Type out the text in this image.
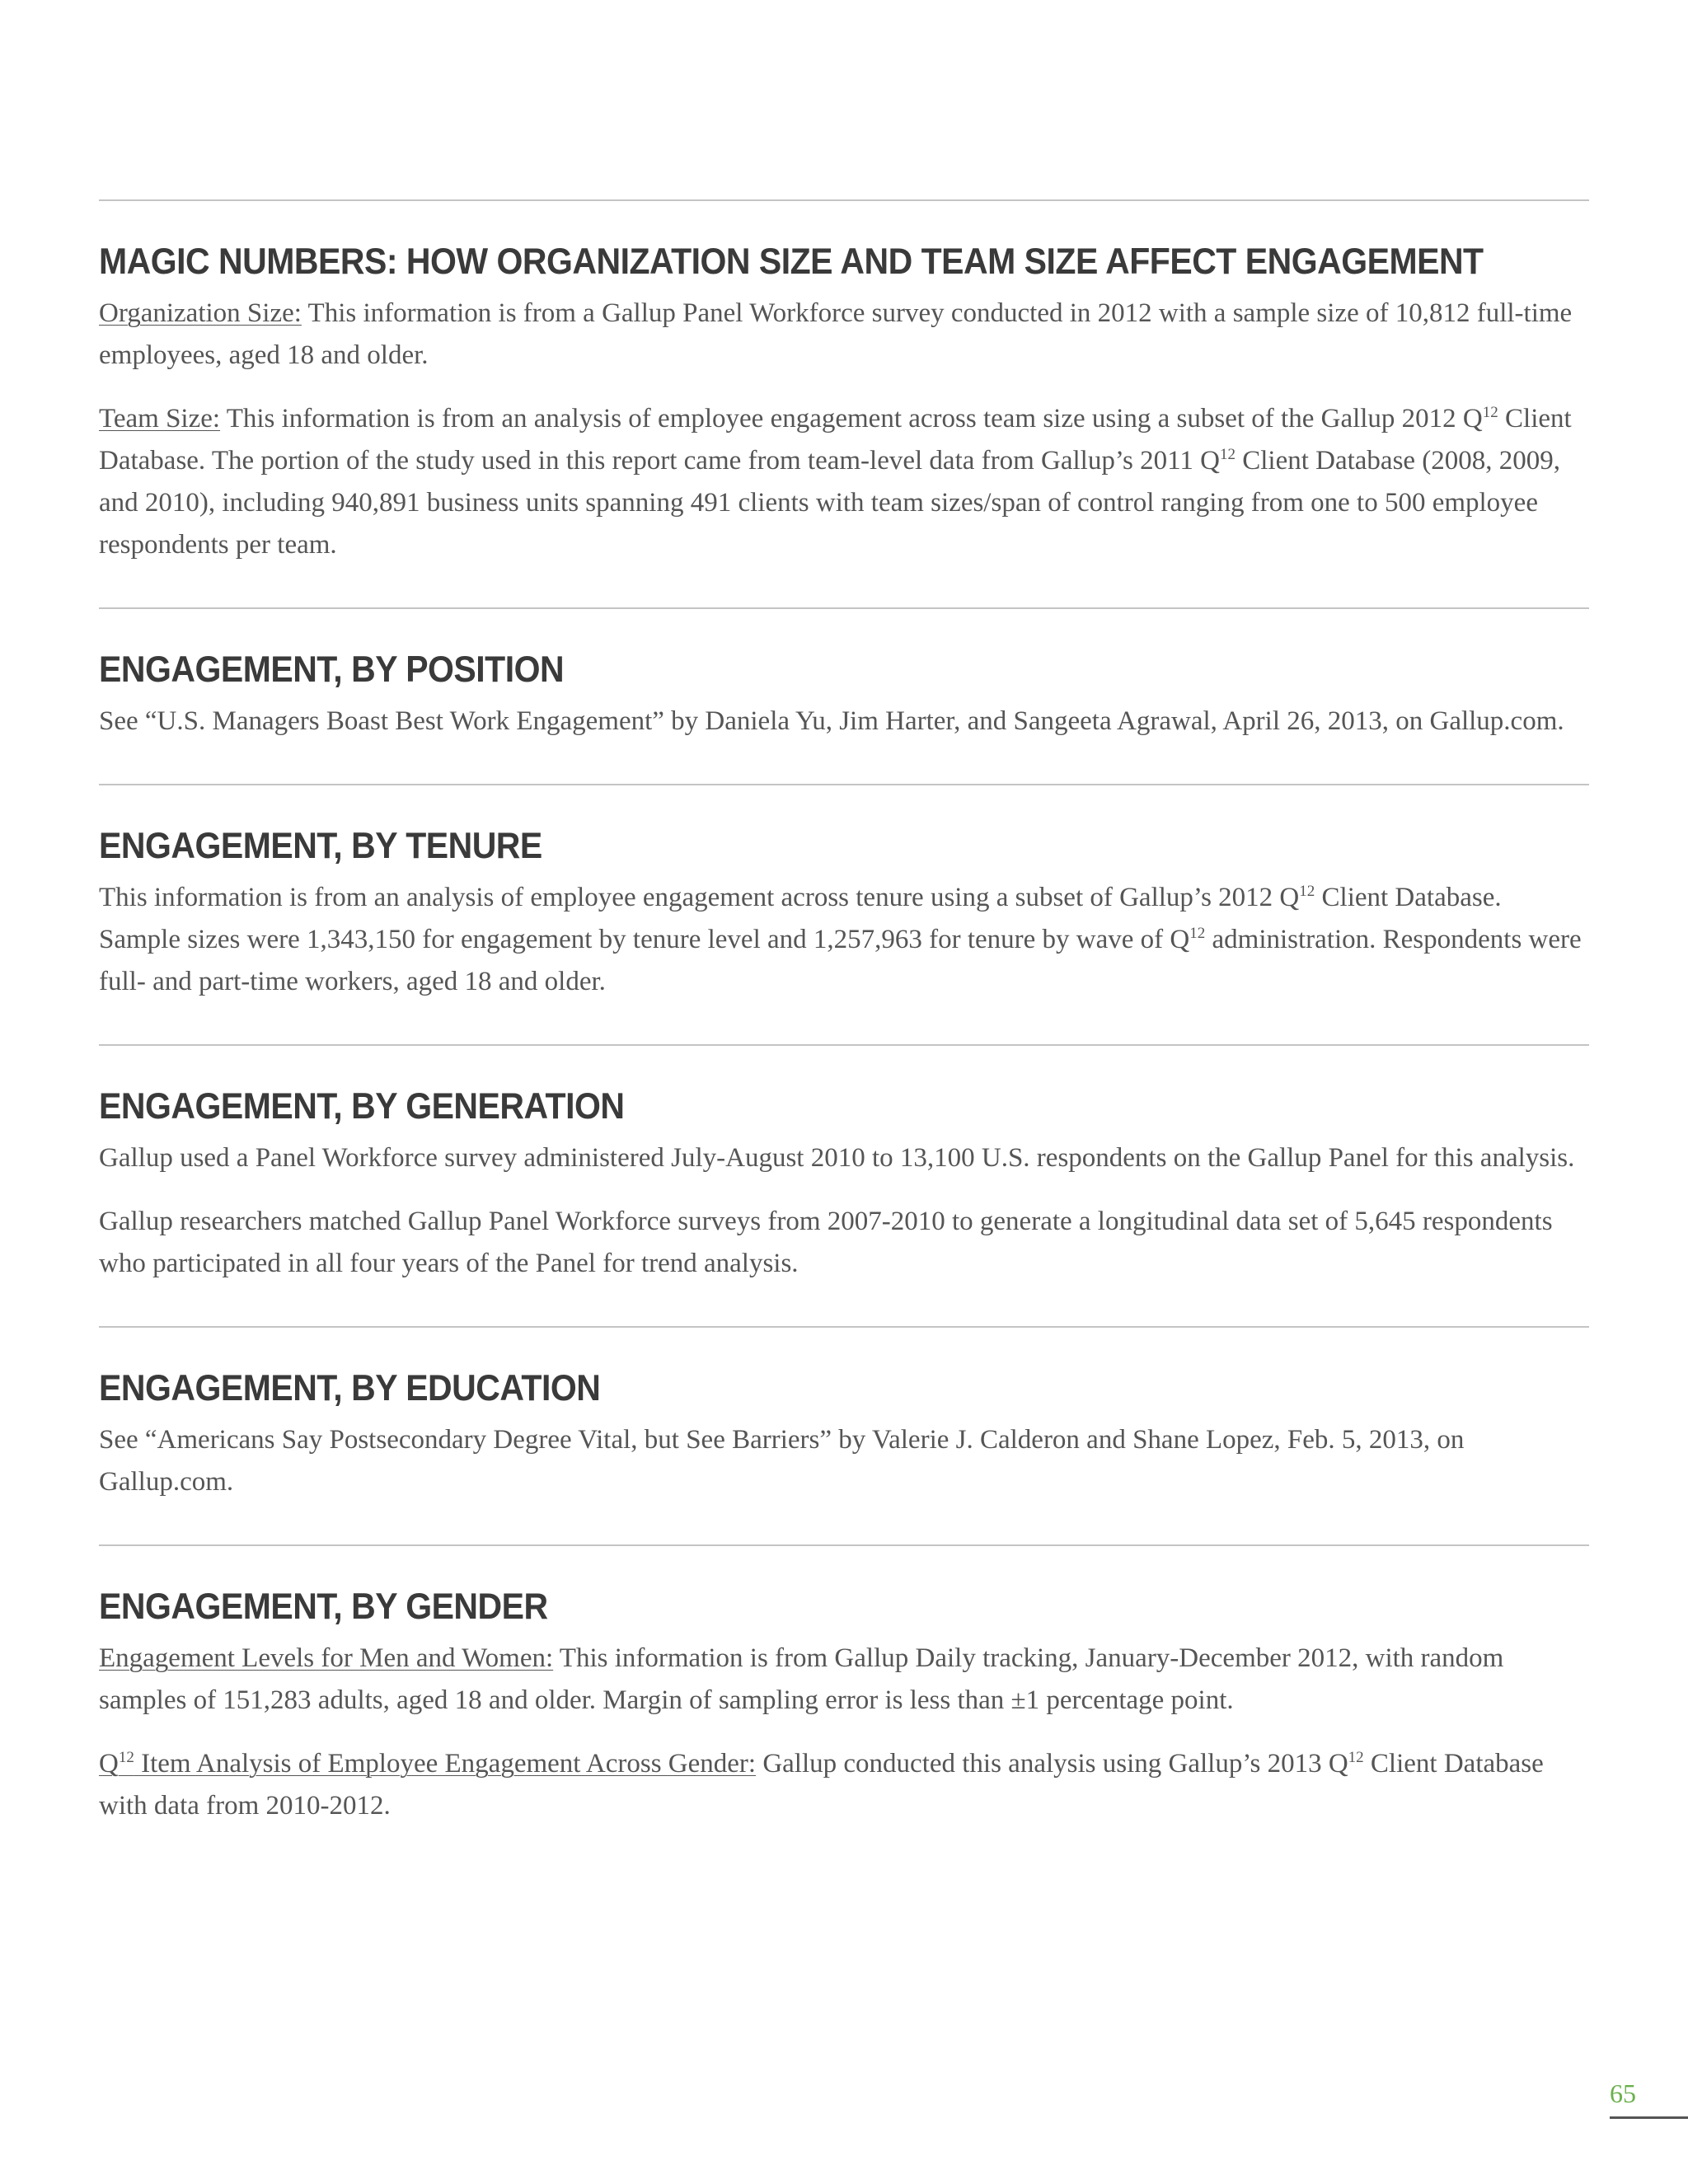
MAGIC NUMBERS: HOW ORGANIZATION SIZE AND TEAM SIZE AFFECT ENGAGEMENT

Organization Size: This information is from a Gallup Panel Workforce survey conducted in 2012 with a sample size of 10,812 full-time employees, aged 18 and older.

Team Size: This information is from an analysis of employee engagement across team size using a subset of the Gallup 2012 $Q^{12}$ Client Database. The portion of the study used in this report came from team-level data from Gallup’s 2011 $Q^{12}$ Client Database (2008, 2009, and 2010), including 940,891 business units spanning 491 clients with team sizes/span of control ranging from one to 500 employee respondents per team.

ENGAGEMENT, BY POSITION

See “U.S. Managers Boast Best Work Engagement” by Daniela Yu, Jim Harter, and Sangeeta Agrawal, April 26, 2013, on Gallup.com.

ENGAGEMENT, BY TENURE

This information is from an analysis of employee engagement across tenure using a subset of Gallup’s 2012 $Q^{12}$ Client Database. Sample sizes were 1,343,150 for engagement by tenure level and 1,257,963 for tenure by wave of $Q^{12}$ administration. Respondents were full- and part-time workers, aged 18 and older.

ENGAGEMENT, BY GENERATION

Gallup used a Panel Workforce survey administered July-August 2010 to 13,100 U.S. respondents on the Gallup Panel for this analysis.

Gallup researchers matched Gallup Panel Workforce surveys from 2007-2010 to generate a longitudinal data set of 5,645 respondents who participated in all four years of the Panel for trend analysis.

ENGAGEMENT, BY EDUCATION

See “Americans Say Postsecondary Degree Vital, but See Barriers” by Valerie J. Calderon and Shane Lopez, Feb. 5, 2013, on Gallup.com.

ENGAGEMENT, BY GENDER

Engagement Levels for Men and Women: This information is from Gallup Daily tracking, January-December 2012, with random samples of 151,283 adults, aged 18 and older. Margin of sampling error is less than ±1 percentage point.

$Q^{12}$ Item Analysis of Employee Engagement Across Gender: Gallup conducted this analysis using Gallup’s 2013 $Q^{12}$ Client Database with data from 2010-2012.

65
